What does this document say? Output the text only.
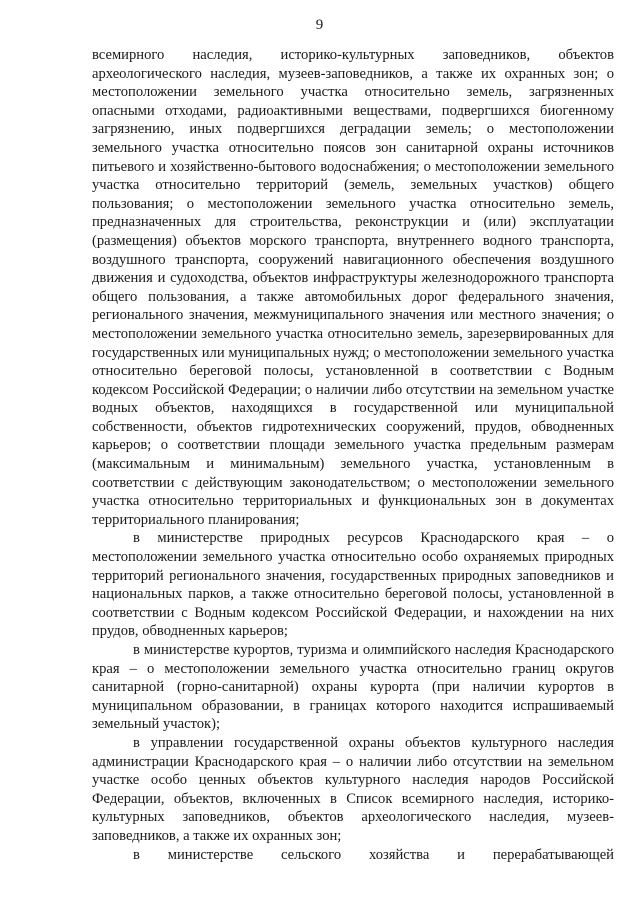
9

всемирного наследия, историко-культурных заповедников, объектов археологического наследия, музеев-заповедников, а также их охранных зон; о местоположении земельного участка относительно земель, загрязненных опасными отходами, радиоактивными веществами, подвергшихся биогенному загрязнению, иных подвергшихся деградации земель; о местоположении земельного участка относительно поясов зон санитарной охраны источников питьевого и хозяйственно-бытового водоснабжения; о местоположении земельного участка относительно территорий (земель, земельных участков) общего пользования; о местоположении земельного участка относительно земель, предназначенных для строительства, реконструкции и (или) эксплуатации (размещения) объектов морского транспорта, внутреннего водного транспорта, воздушного транспорта, сооружений навигационного обеспечения воздушного движения и судоходства, объектов инфраструктуры железнодорожного транспорта общего пользования, а также автомобильных дорог федерального значения, регионального значения, межмуниципального значения или местного значения; о местоположении земельного участка относительно земель, зарезервированных для государственных или муниципальных нужд; о местоположении земельного участка относительно береговой полосы, установленной в соответствии с Водным кодексом Российской Федерации; о наличии либо отсутствии на земельном участке водных объектов, находящихся в государственной или муниципальной собственности, объектов гидротехнических сооружений, прудов, обводненных карьеров; о соответствии площади земельного участка предельным размерам (максимальным и минимальным) земельного участка, установленным в соответствии с действующим законодательством; о местоположении земельного участка относительно территориальных и функциональных зон в документах территориального планирования;

в министерстве природных ресурсов Краснодарского края – о местоположении земельного участка относительно особо охраняемых природных территорий регионального значения, государственных природных заповедников и национальных парков, а также относительно береговой полосы, установленной в соответствии с Водным кодексом Российской Федерации, и нахождении на них прудов, обводненных карьеров;

в министерстве курортов, туризма и олимпийского наследия Краснодарского края – о местоположении земельного участка относительно границ округов санитарной (горно-санитарной) охраны курорта (при наличии курортов в муниципальном образовании, в границах которого находится испрашиваемый земельный участок);

в управлении государственной охраны объектов культурного наследия администрации Краснодарского края – о наличии либо отсутствии на земельном участке особо ценных объектов культурного наследия народов Российской Федерации, объектов, включенных в Список всемирного наследия, историко-культурных заповедников, объектов археологического наследия, музеев-заповедников, а также их охранных зон;

в министерстве сельского хозяйства и перерабатывающей
